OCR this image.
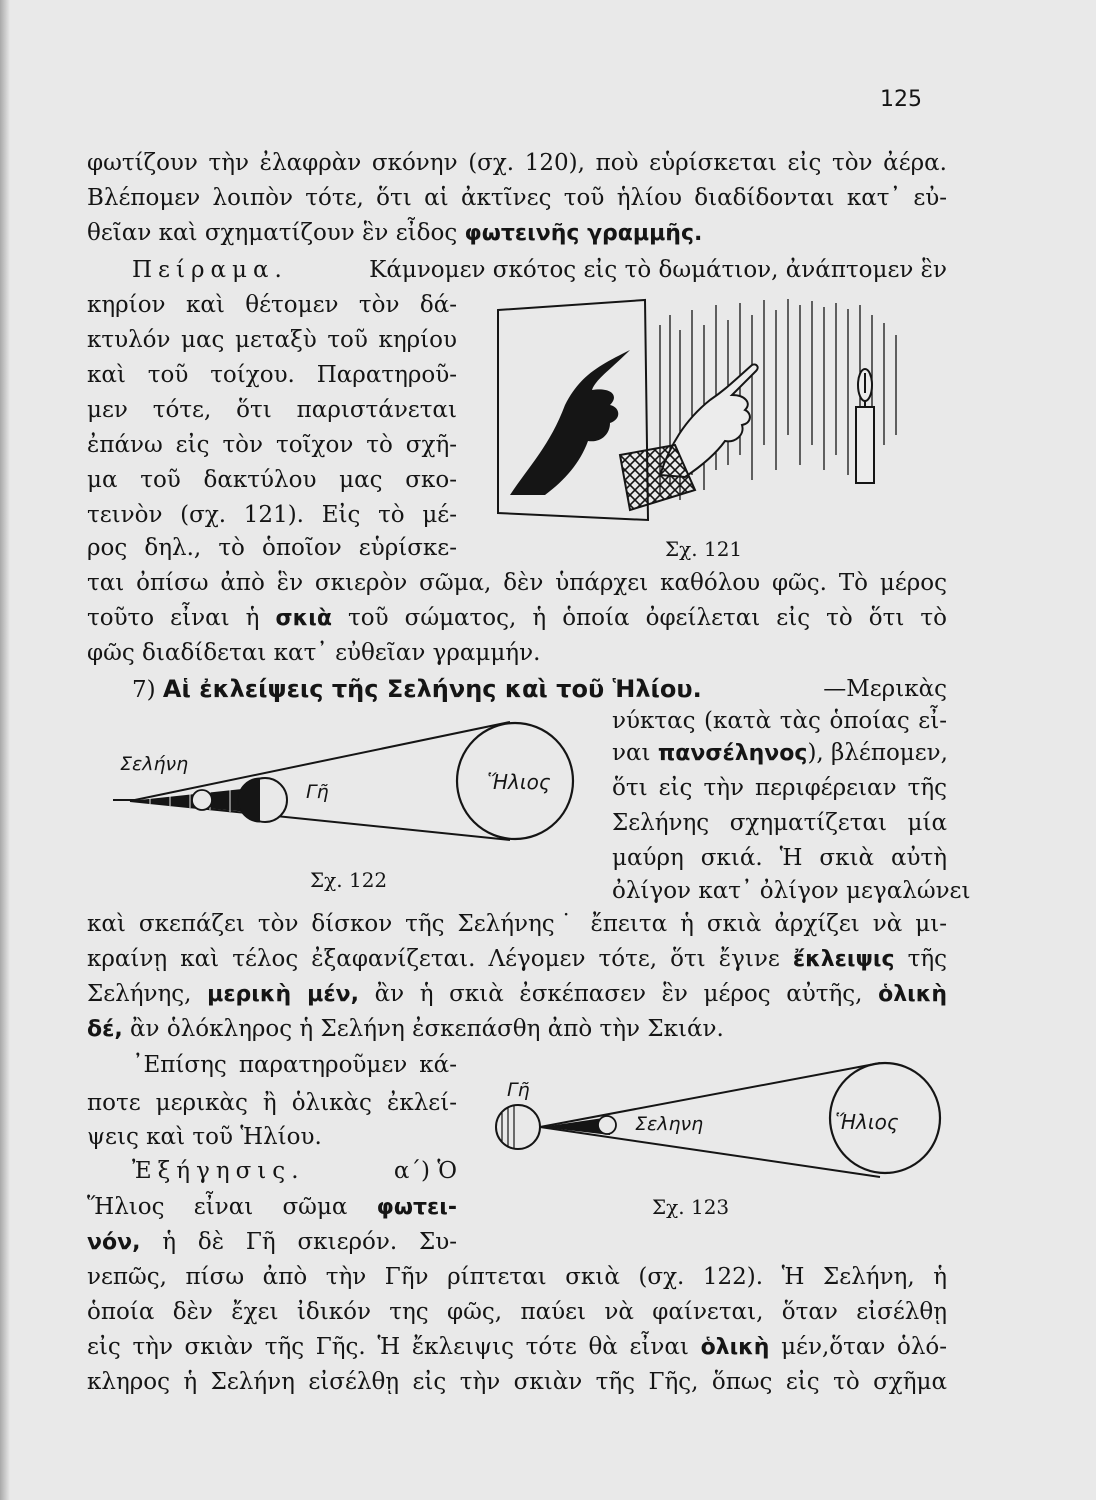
125

φωτίζουν τὴν ἐλαφρὰν σκόνην (σχ. 120), ποὺ εὑρίσκεται εἰς τὸν ἀέρα.

Βλέπομεν λοιπὸν τότε, ὅτι αἱ ἀκτῖνες τοῦ ἡλίου διαδίδονται κατ᾽ εὐ-

θεῖαν καὶ σχηματίζουν ἓν εἶδος φωτεινῆς γραμμῆς.

Πείραμα.	Κάμνομεν σκότος εἰς τὸ δωμάτιον, ἀνάπτομεν ἓν

κηρίον καὶ θέτομεν τὸν δά-

κτυλόν μας μεταξὺ τοῦ κηρίου

καὶ τοῦ τοίχου. Παρατηροῦ-

μεν τότε, ὅτι παριστάνεται

ἐπάνω εἰς τὸν τοῖχον τὸ σχῆ-

μα τοῦ δακτύλου μας σκο-

τεινὸν (σχ. 121). Εἰς τὸ μέ-

ρος δηλ., τὸ ὁποῖον εὑρίσκε-	Σχ. 121

ται ὀπίσω ἀπὸ ἓν σκιερὸν σῶμα, δὲν ὑπάρχει καθόλου φῶς. Τὸ μέρος

τοῦτο εἶναι ἡ σκιὰ τοῦ σώματος, ἡ ὁποία ὀφείλεται εἰς τὸ ὅτι τὸ

φῶς διαδίδεται κατ᾽ εὐθεῖαν γραμμήν.

7) Αἱ ἐκλείψεις τῆς Σελήνης καὶ τοῦ Ἡλίου.	—Μερικὰς

Σελήνη
Γῆ	Ἥλιος
Σχ. 122

νύκτας (κατὰ τὰς ὁποίας εἶ-

ναι πανσέληνος), βλέπομεν,

ὅτι εἰς τὴν περιφέρειαν τῆς

Σελήνης σχηματίζεται μία

μαύρη σκιά. Ἡ σκιὰ αὐτὴ

ὀλίγον κατ᾽ ὀλίγον μεγαλώνει

καὶ σκεπάζει τὸν δίσκον τῆς Σελήνης˙ ἔπειτα ἡ σκιὰ ἀρχίζει νὰ μι-

κραίνῃ καὶ τέλος ἐξαφανίζεται. Λέγομεν τότε, ὅτι ἔγινε ἔκλειψις τῆς

Σελήνης, μερικὴ μέν, ἂν ἡ σκιὰ ἐσκέπασεν ἓν μέρος αὐτῆς, ὁλικὴ

δέ, ἂν ὁλόκληρος ἡ Σελήνη ἐσκεπάσθη ἀπὸ τὴν Σκιάν.

᾽Επίσης παρατηροῦμεν κά-

ποτε μερικὰς ἢ ὁλικὰς ἐκλεί-

ψεις καὶ τοῦ Ἡλίου.

Ἐξήγησις.	α΄) Ὁ

Ἥλιος εἶναι σῶμα φωτει-

νόν, ἡ δὲ Γῆ σκιερόν. Συ-

Γῆ
Σεληνη	Ἥλιος
Σχ. 123

νεπῶς, πίσω ἀπὸ τὴν Γῆν ρίπτεται σκιὰ (σχ. 122). Ἡ Σελήνη, ἡ

ὁποία δὲν ἔχει ἰδικόν της φῶς, παύει νὰ φαίνεται, ὅταν εἰσέλθῃ

εἰς τὴν σκιὰν τῆς Γῆς. Ἡ ἔκλειψις τότε θὰ εἶναι ὁλικὴ μέν,ὅταν ὁλό-

κληρος ἡ Σελήνη εἰσέλθῃ εἰς τὴν σκιὰν τῆς Γῆς, ὅπως εἰς τὸ σχῆμα
